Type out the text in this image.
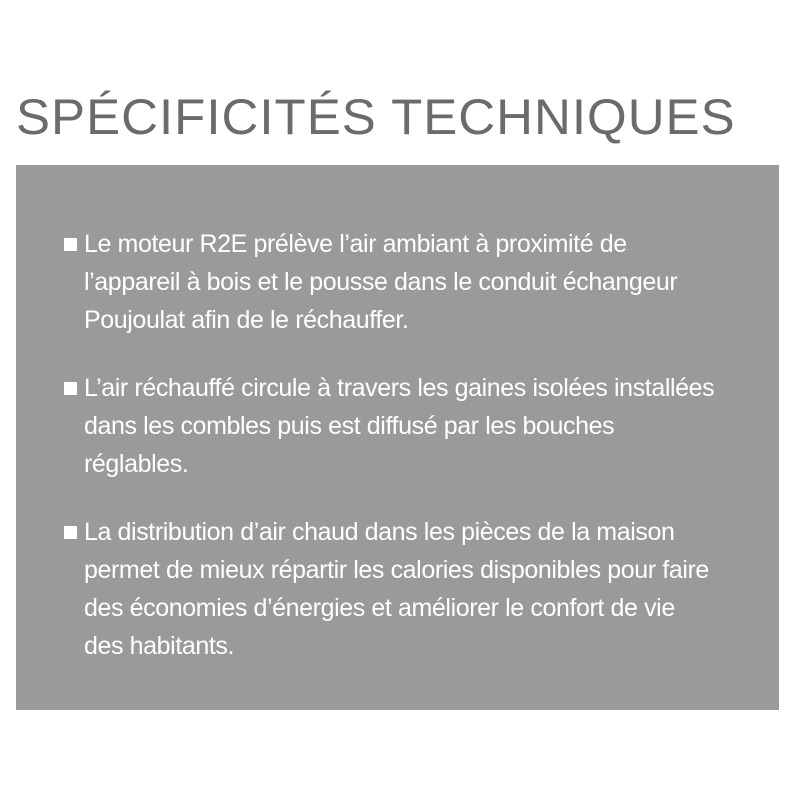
SPÉCIFICITÉS TECHNIQUES
Le moteur R2E prélève l’air ambiant à proximité de
l’appareil à bois et le pousse dans le conduit échangeur
Poujoulat afin de le réchauffer.
L’air réchauffé circule à travers les gaines isolées installées
dans les combles puis est diffusé par les bouches
réglables.
La distribution d’air chaud dans les pièces de la maison
permet de mieux répartir les calories disponibles pour faire
des économies d’énergies et améliorer le confort de vie
des habitants.
